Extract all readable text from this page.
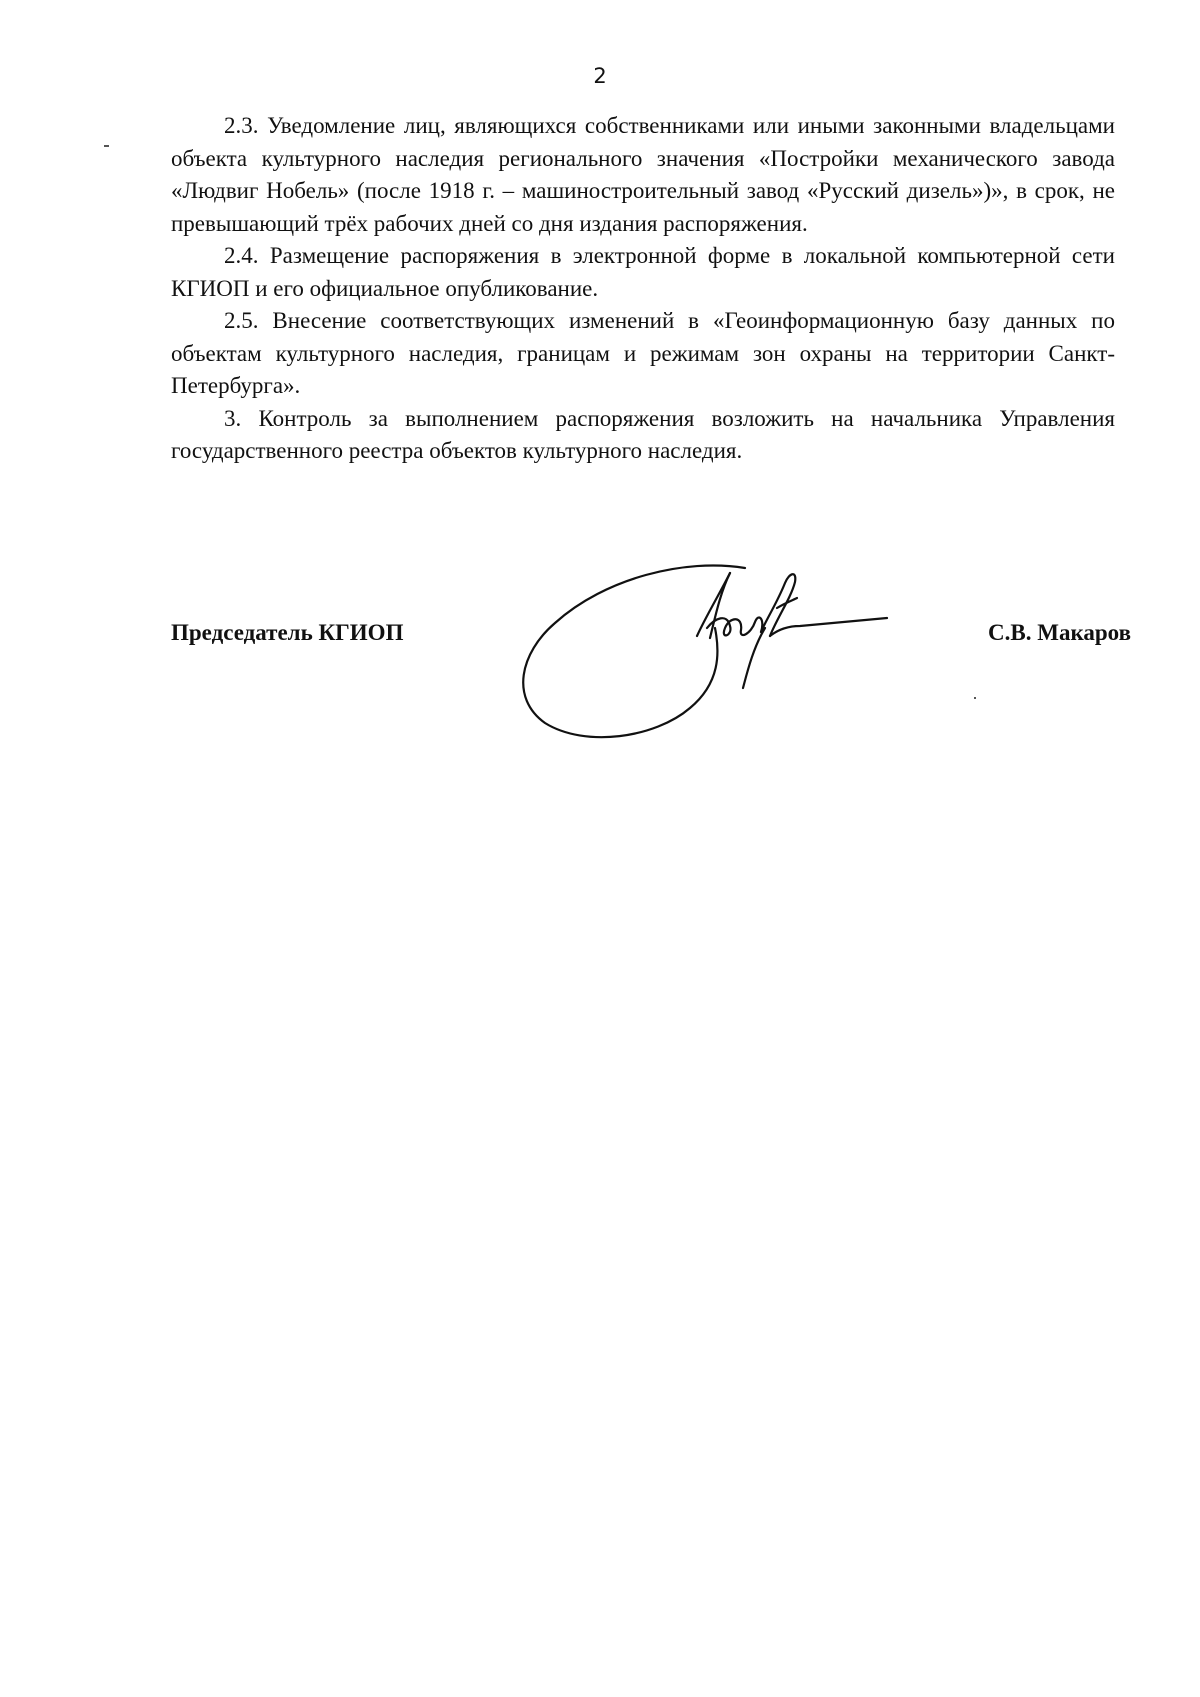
2

2.3. Уведомление лиц, являющихся собственниками или иными законными владельцами объекта культурного наследия регионального значения «Постройки механического завода «Людвиг Нобель» (после 1918 г. – машиностроительный завод «Русский дизель»)», в срок, не превышающий трёх рабочих дней со дня издания распоряжения.

2.4. Размещение распоряжения в электронной форме в локальной компьютерной сети КГИОП и его официальное опубликование.

2.5. Внесение соответствующих изменений в «Геоинформационную базу данных по объектам культурного наследия, границам и режимам зон охраны на территории Санкт-Петербурга».

3. Контроль за выполнением распоряжения возложить на начальника Управления государственного реестра объектов культурного наследия.

Председатель КГИОП	С.В. Макаров
